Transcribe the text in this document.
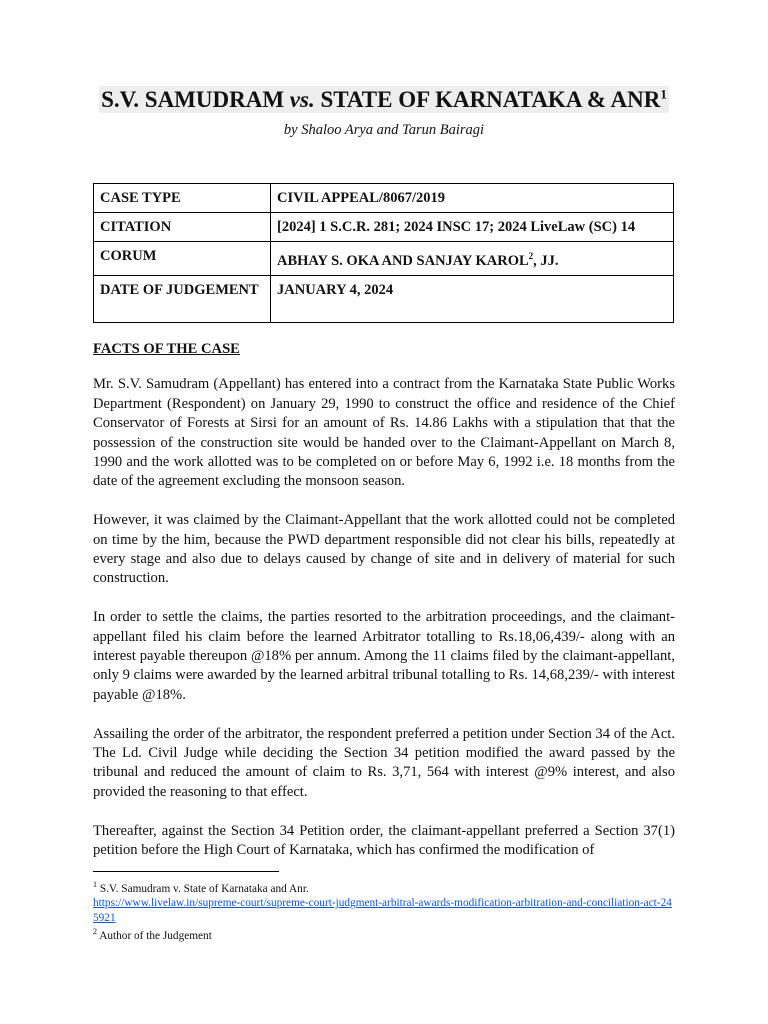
S.V. SAMUDRAM vs. STATE OF KARNATAKA & ANR$^1$
by Shaloo Arya and Tarun Bairagi
CASE TYPE	CIVIL APPEAL/8067/2019
CITATION	[2024] 1 S.C.R. 281; 2024 INSC 17; 2024 LiveLaw (SC) 14
CORUM	ABHAY S. OKA AND SANJAY KAROL$^2$, JJ.
DATE OF JUDGEMENT	JANUARY 4, 2024
FACTS OF THE CASE

Mr. S.V. Samudram (Appellant) has entered into a contract from the Karnataka State Public Works Department (Respondent) on January 29, 1990 to construct the office and residence of the Chief Conservator of Forests at Sirsi for an amount of Rs. 14.86 Lakhs with a stipulation that that the possession of the construction site would be handed over to the Claimant-Appellant on March 8, 1990 and the work allotted was to be completed on or before May 6, 1992 i.e. 18 months from the date of the agreement excluding the monsoon season.

However, it was claimed by the Claimant-Appellant that the work allotted could not be completed on time by the him, because the PWD department responsible did not clear his bills, repeatedly at every stage and also due to delays caused by change of site and in delivery of material for such construction.

In order to settle the claims, the parties resorted to the arbitration proceedings, and the claimant-appellant filed his claim before the learned Arbitrator totalling to Rs.18,06,439/- along with an interest payable thereupon @18% per annum. Among the 11 claims filed by the claimant-appellant, only 9 claims were awarded by the learned arbitral tribunal totalling to Rs. 14,68,239/- with interest payable @18%.

Assailing the order of the arbitrator, the respondent preferred a petition under Section 34 of the Act. The Ld. Civil Judge while deciding the Section 34 petition modified the award passed by the tribunal and reduced the amount of claim to Rs. 3,71, 564 with interest @9% interest, and also provided the reasoning to that effect.

Thereafter, against the Section 34 Petition order, the claimant-appellant preferred a Section 37(1) petition before the High Court of Karnataka, which has confirmed the modification of

$^1$ S.V. Samudram v. State of Karnataka and Anr.
https://www.livelaw.in/supreme-court/supreme-court-judgment-arbitral-awards-modification-arbitration-and-conciliation-act-245921
$^2$ Author of the Judgement
